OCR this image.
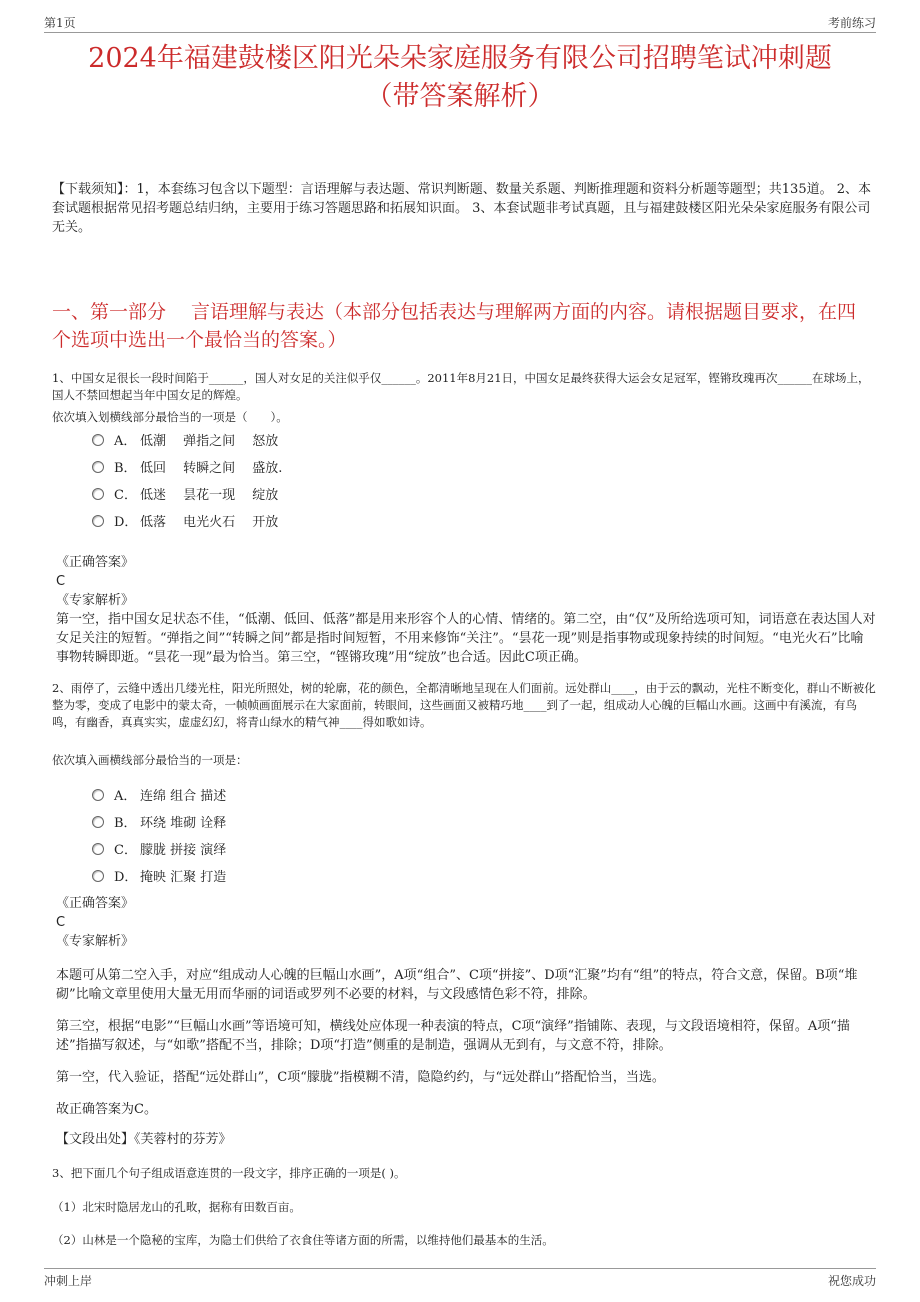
第1页	考前练习
2024年福建鼓楼区阳光朵朵家庭服务有限公司招聘笔试冲刺题
（带答案解析）
【下载须知】：1，本套练习包含以下题型：言语理解与表达题、常识判断题、数量关系题、判断推理题和资料分析题等题型；共135道。 2、本套试题根据常见招考题总结归纳，主要用于练习答题思路和拓展知识面。 3、本套试题非考试真题，且与福建鼓楼区阳光朵朵家庭服务有限公司无关。
一、第一部分　 言语理解与表达（本部分包括表达与理解两方面的内容。请根据题目要求，在四个选项中选出一个最恰当的答案。）
1、中国女足很长一段时间陷于______，国人对女足的关注似乎仅______。2011年8月21日，中国女足最终获得大运会女足冠军，铿锵玫瑰再次______在球场上，国人不禁回想起当年中国女足的辉煌。
依次填入划横线部分最恰当的一项是（　　）。
A． 低潮　 弹指之间　 怒放
B． 低回　 转瞬之间　 盛放.
C． 低迷　 昙花一现　 绽放
D． 低落　 电光火石　 开放
《正确答案》
C
《专家解析》
第一空，指中国女足状态不佳，“低潮、低回、低落”都是用来形容个人的心情、情绪的。第二空，由“仅”及所给选项可知，词语意在表达国人对女足关注的短暂。“弹指之间”“转瞬之间”都是指时间短暂，不用来修饰“关注”。“昙花一现”则是指事物或现象持续的时间短。“电光火石”比喻事物转瞬即逝。“昙花一现”最为恰当。第三空，“铿锵玫瑰”用“绽放”也合适。因此C项正确。
2、雨停了，云缝中透出几缕光柱，阳光所照处，树的轮廓，花的颜色，全都清晰地呈现在人们面前。远处群山____，由于云的飘动，光柱不断变化，群山不断被化整为零，变成了电影中的蒙太奇，一帧帧画面展示在大家面前，转眼间，这些画面又被精巧地____到了一起，组成动人心魄的巨幅山水画。这画中有溪流，有鸟鸣，有幽香，真真实实，虚虚幻幻，将青山绿水的精气神____得如歌如诗。
依次填入画横线部分最恰当的一项是：
A． 连绵 组合 描述
B． 环绕 堆砌 诠释
C． 朦胧 拼接 演绎
D． 掩映 汇聚 打造
《正确答案》
C
《专家解析》
本题可从第二空入手，对应“组成动人心魄的巨幅山水画”，A项“组合”、C项“拼接”、D项“汇聚”均有“组”的特点，符合文意，保留。B项“堆砌”比喻文章里使用大量无用而华丽的词语或罗列不必要的材料，与文段感情色彩不符，排除。
第三空，根据“电影”“巨幅山水画”等语境可知，横线处应体现一种表演的特点，C项“演绎”指铺陈、表现，与文段语境相符，保留。A项“描述”指描写叙述，与“如歌”搭配不当，排除；D项“打造”侧重的是制造，强调从无到有，与文意不符，排除。
第一空，代入验证，搭配“远处群山”，C项“朦胧”指模糊不清，隐隐约约，与“远处群山”搭配恰当，当选。
故正确答案为C。
【文段出处】《芙蓉村的芬芳》
3、把下面几个句子组成语意连贯的一段文字，排序正确的一项是( )。
（1）北宋时隐居龙山的孔畋，据称有田数百亩。
（2）山林是一个隐秘的宝库，为隐士们供给了衣食住等诸方面的所需，以维持他们最基本的生活。
冲刺上岸	祝您成功
